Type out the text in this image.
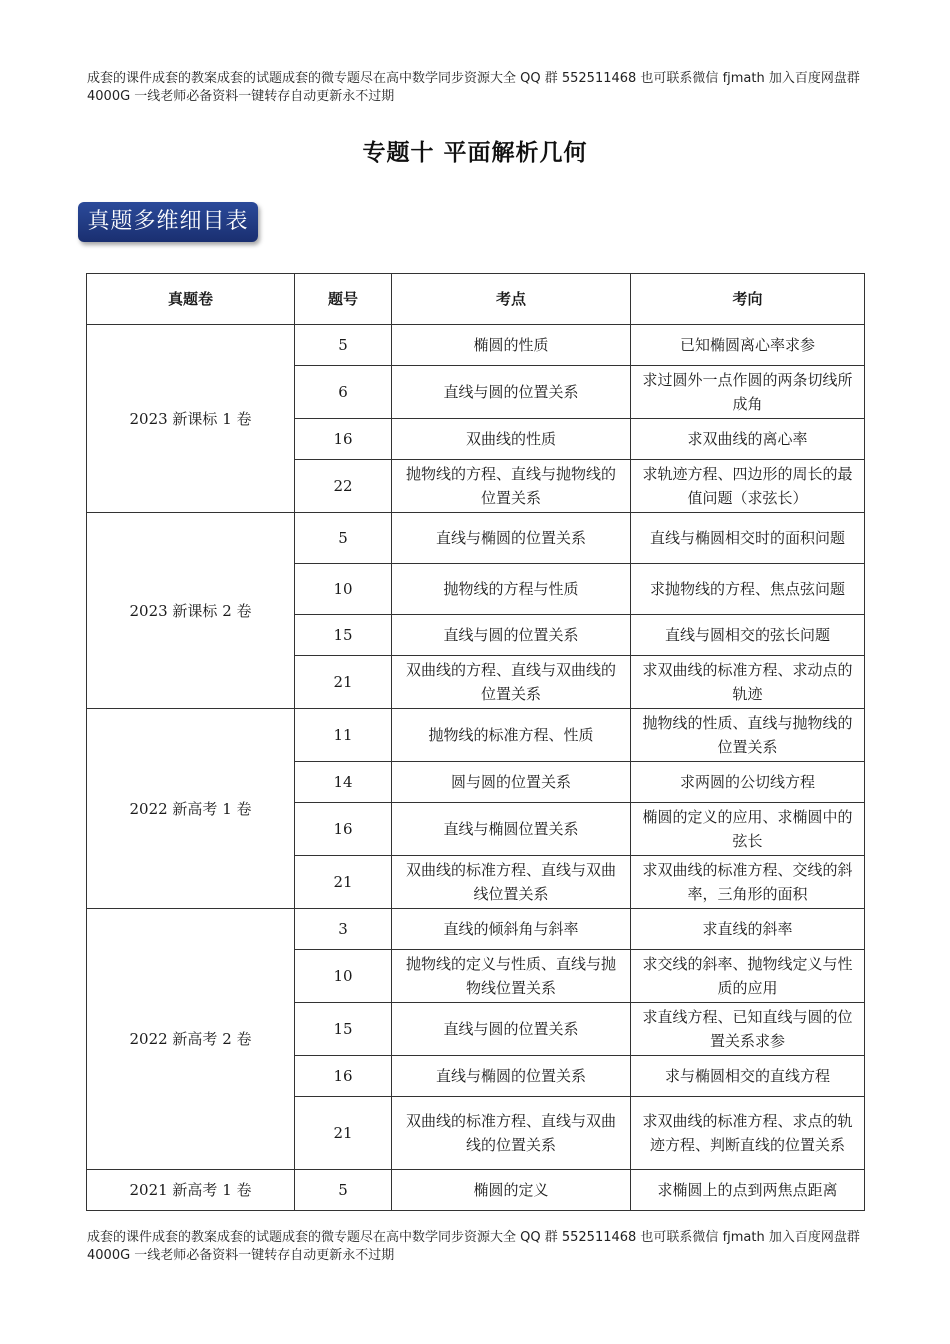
成套的课件成套的教案成套的试题成套的微专题尽在高中数学同步资源大全 QQ 群 552511468 也可联系微信 fjmath 加入百度网盘群 4000G 一线老师必备资料一键转存自动更新永不过期
专题十 平面解析几何
真题多维细目表
真题卷	题号	考点	考向
2023 新课标 1 卷	5	椭圆的性质	已知椭圆离心率求参
	6	直线与圆的位置关系	求过圆外一点作圆的两条切线所成角
	16	双曲线的性质	求双曲线的离心率
	22	抛物线的方程、直线与抛物线的位置关系	求轨迹方程、四边形的周长的最值问题（求弦长）
2023 新课标 2 卷	5	直线与椭圆的位置关系	直线与椭圆相交时的面积问题
	10	抛物线的方程与性质	求抛物线的方程、焦点弦问题
	15	直线与圆的位置关系	直线与圆相交的弦长问题
	21	双曲线的方程、直线与双曲线的位置关系	求双曲线的标准方程、求动点的轨迹
2022 新高考 1 卷	11	抛物线的标准方程、性质	抛物线的性质、直线与抛物线的位置关系
	14	圆与圆的位置关系	求两圆的公切线方程
	16	直线与椭圆位置关系	椭圆的定义的应用、求椭圆中的弦长
	21	双曲线的标准方程、直线与双曲线位置关系	求双曲线的标准方程、交线的斜率，三角形的面积
2022 新高考 2 卷	3	直线的倾斜角与斜率	求直线的斜率
	10	抛物线的定义与性质、直线与抛物线位置关系	求交线的斜率、抛物线定义与性质的应用
	15	直线与圆的位置关系	求直线方程、已知直线与圆的位置关系求参
	16	直线与椭圆的位置关系	求与椭圆相交的直线方程
	21	双曲线的标准方程、直线与双曲线的位置关系	求双曲线的标准方程、求点的轨迹方程、判断直线的位置关系
2021 新高考 1 卷	5	椭圆的定义	求椭圆上的点到两焦点距离
成套的课件成套的教案成套的试题成套的微专题尽在高中数学同步资源大全 QQ 群 552511468 也可联系微信 fjmath 加入百度网盘群 4000G 一线老师必备资料一键转存自动更新永不过期
